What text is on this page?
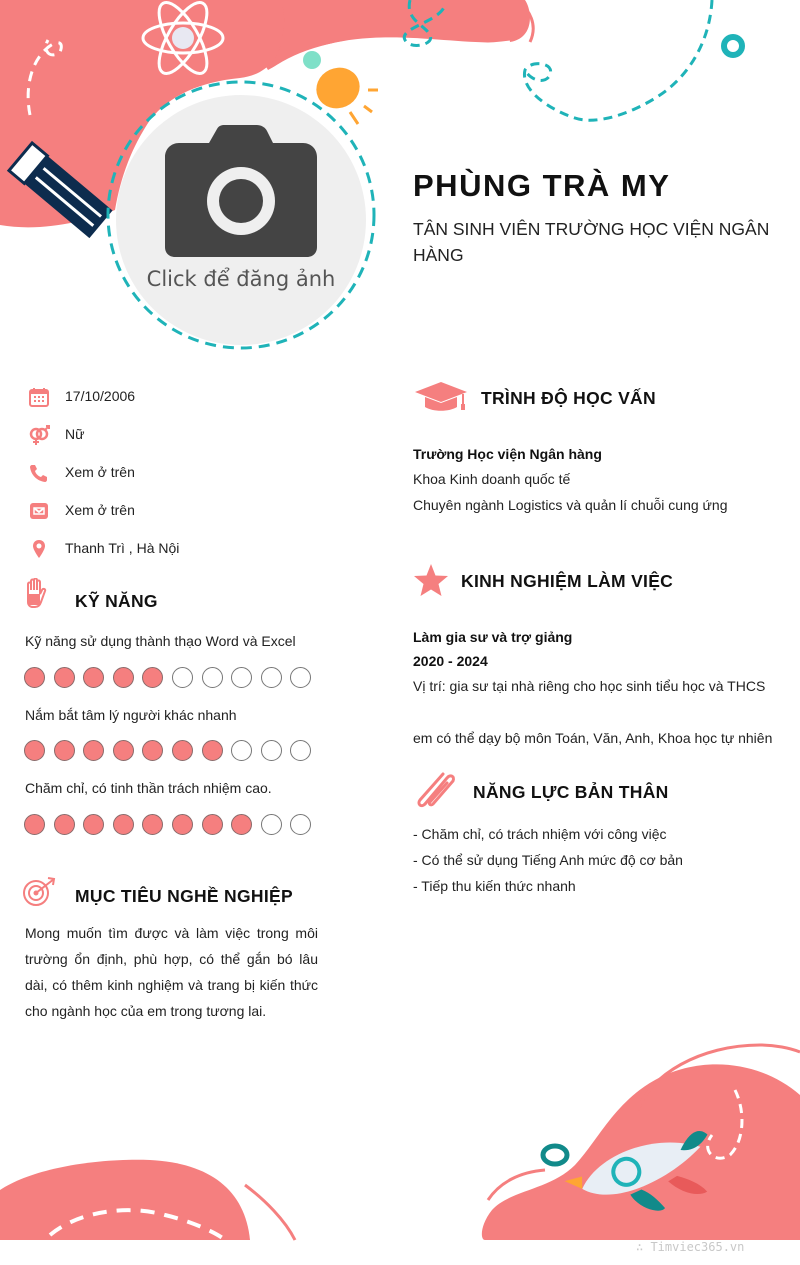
Click để đăng ảnh
PHÙNG TRÀ MY
TÂN SINH VIÊN TRƯỜNG HỌC VIỆN NGÂN HÀNG
17/10/2006
Nữ
Xem ở trên
Xem ở trên
Thanh Trì , Hà Nội
KỸ NĂNG
Kỹ năng sử dụng thành thạo Word và Excel
Nắm bắt tâm lý người khác nhanh
Chăm chỉ, có tinh thần trách nhiệm cao.
MỤC TIÊU NGHỀ NGHIỆP
Mong muốn tìm được và làm việc trong môi trường ổn định, phù hợp, có thể gắn bó lâu dài, có thêm kinh nghiệm và trang bị kiến thức cho ngành học của em trong tương lai.
TRÌNH ĐỘ HỌC VẤN
Trường Học viện Ngân hàng
Khoa Kinh doanh quốc tế
Chuyên ngành Logistics và quản lí chuỗi cung ứng
KINH NGHIỆM LÀM VIỆC
Làm gia sư và trợ giảng
2020 - 2024
Vị trí: gia sư tại nhà riêng cho học sinh tiểu học và THCS
em có thể dạy bộ môn Toán, Văn, Anh, Khoa học tự nhiên
NĂNG LỰC BẢN THÂN
- Chăm chỉ, có trách nhiệm với công việc
- Có thể sử dụng Tiếng Anh mức độ cơ bản
- Tiếp thu kiến thức nhanh
∴ Timviec365.vn
